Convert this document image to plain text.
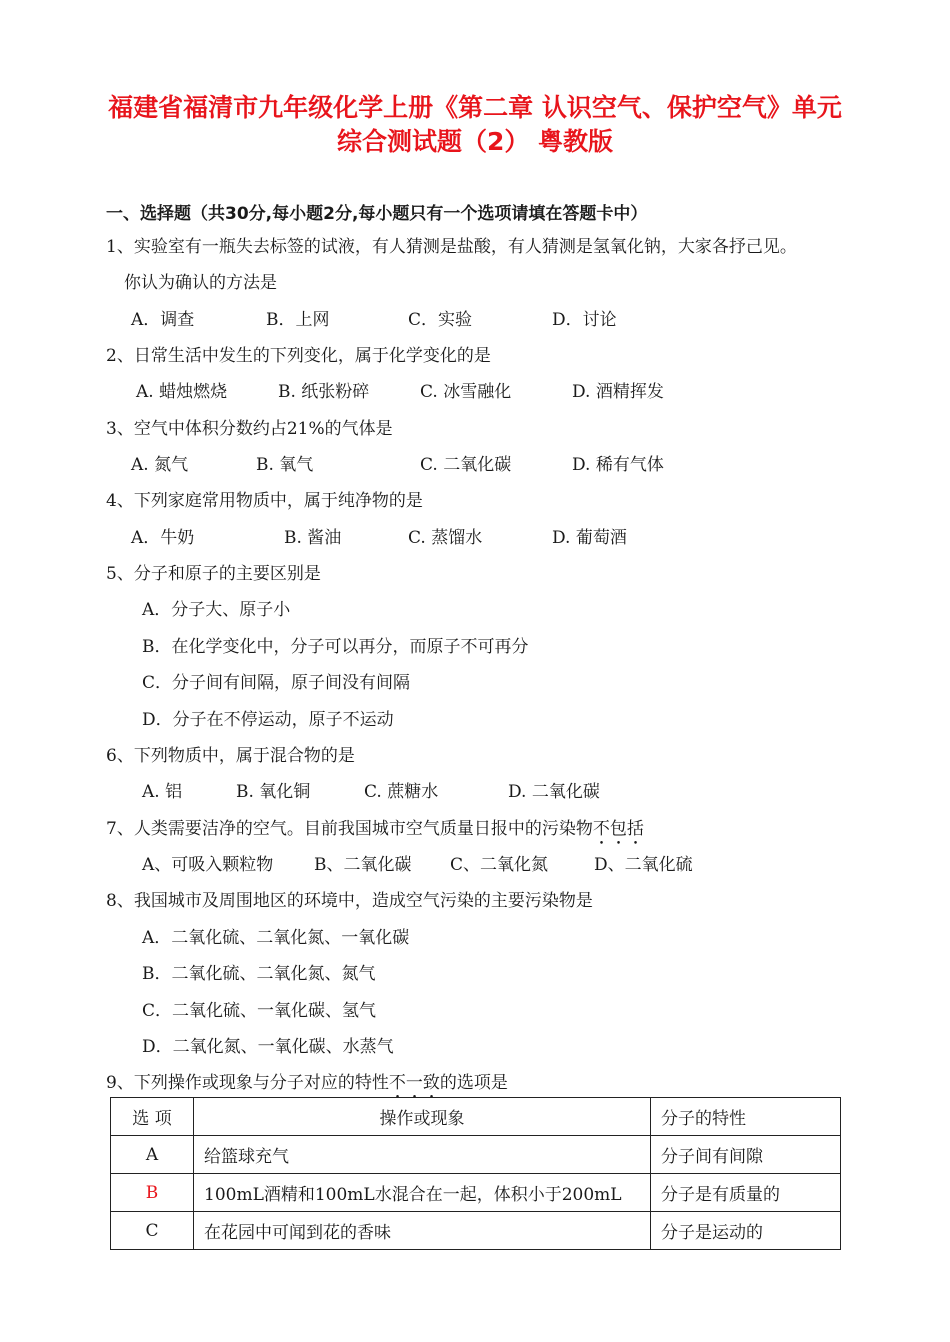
福建省福清市九年级化学上册《第二章 认识空气、保护空气》单元
综合测试题（2） 粤教版
一、选择题（共30分,每小题2分,每小题只有一个选项请填在答题卡中）
1、实验室有一瓶失去标签的试液，有人猜测是盐酸，有人猜测是氢氧化钠，大家各抒己见。
你认为确认的方法是
A．调查	B．上网	C．实验	D．讨论
2、日常生活中发生的下列变化，属于化学变化的是
A. 蜡烛燃烧	B. 纸张粉碎	C. 冰雪融化	D. 酒精挥发
3、空气中体积分数约占21%的气体是
A. 氮气	B. 氧气	C. 二氧化碳	D. 稀有气体
4、下列家庭常用物质中，属于纯净物的是
A．牛奶	B. 酱油	C. 蒸馏水	D. 葡萄酒
5、分子和原子的主要区别是
A．分子大、原子小
B．在化学变化中，分子可以再分，而原子不可再分
C．分子间有间隔，原子间没有间隔
D．分子在不停运动，原子不运动
6、下列物质中，属于混合物的是
A. 铝	B. 氧化铜	C. 蔗糖水	D. 二氧化碳
7、人类需要洁净的空气。目前我国城市空气质量日报中的污染物不包括
A、可吸入颗粒物 B、二氧化碳 C、二氧化氮	D、二氧化硫
8、我国城市及周围地区的环境中，造成空气污染的主要污染物是
A．二氧化硫、二氧化氮、一氧化碳
B．二氧化硫、二氧化氮、氮气
C．二氧化硫、一氧化碳、氢气
D．二氧化氮、一氧化碳、水蒸气
9、下列操作或现象与分子对应的特性不一致的选项是
选 项	操作或现象	分子的特性
A	给篮球充气	分子间有间隙
B	100mL酒精和100mL水混合在一起，体积小于200mL	分子是有质量的
C	在花园中可闻到花的香味	分子是运动的
